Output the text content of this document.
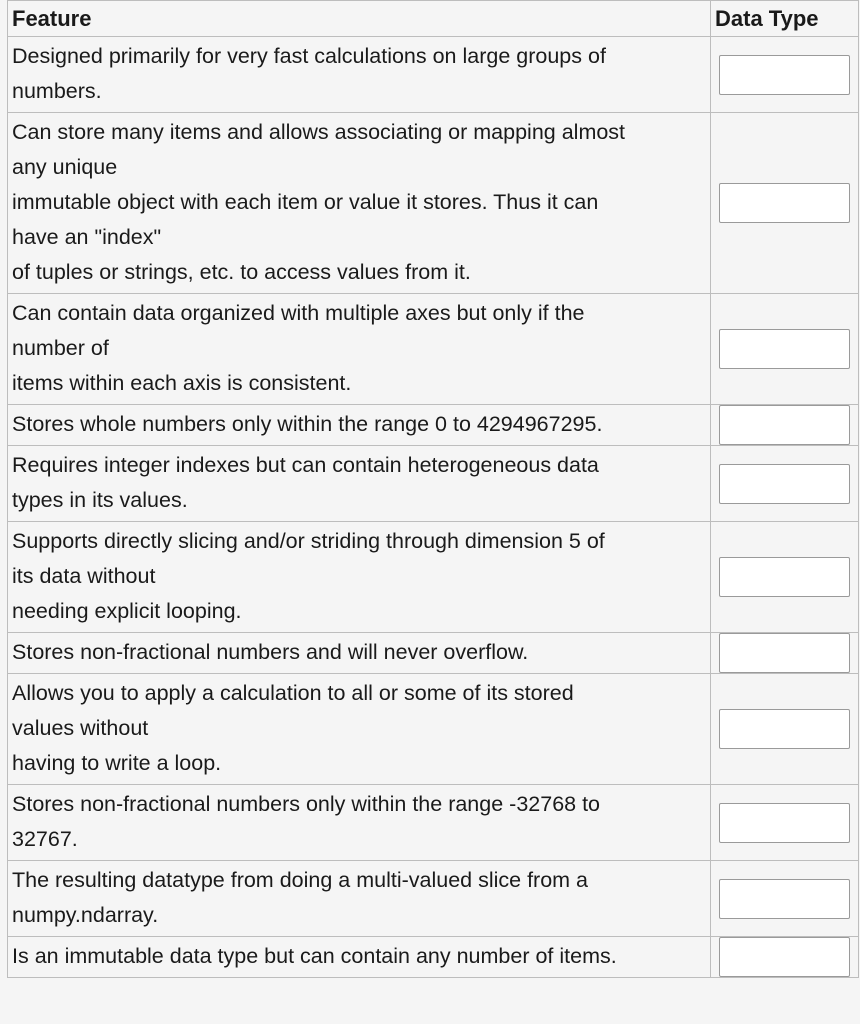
Feature	Data Type

Designed primarily for very fast calculations on large groups of
numbers.

Can store many items and allows associating or mapping almost
any unique
immutable object with each item or value it stores. Thus it can
have an "index"
of tuples or strings, etc. to access values from it.

Can contain data organized with multiple axes but only if the
number of
items within each axis is consistent.

Stores whole numbers only within the range 0 to 4294967295.

Requires integer indexes but can contain heterogeneous data
types in its values.

Supports directly slicing and/or striding through dimension 5 of
its data without
needing explicit looping.

Stores non-fractional numbers and will never overflow.

Allows you to apply a calculation to all or some of its stored
values without
having to write a loop.

Stores non-fractional numbers only within the range -32768 to
32767.

The resulting datatype from doing a multi-valued slice from a
numpy.ndarray.

Is an immutable data type but can contain any number of items.
